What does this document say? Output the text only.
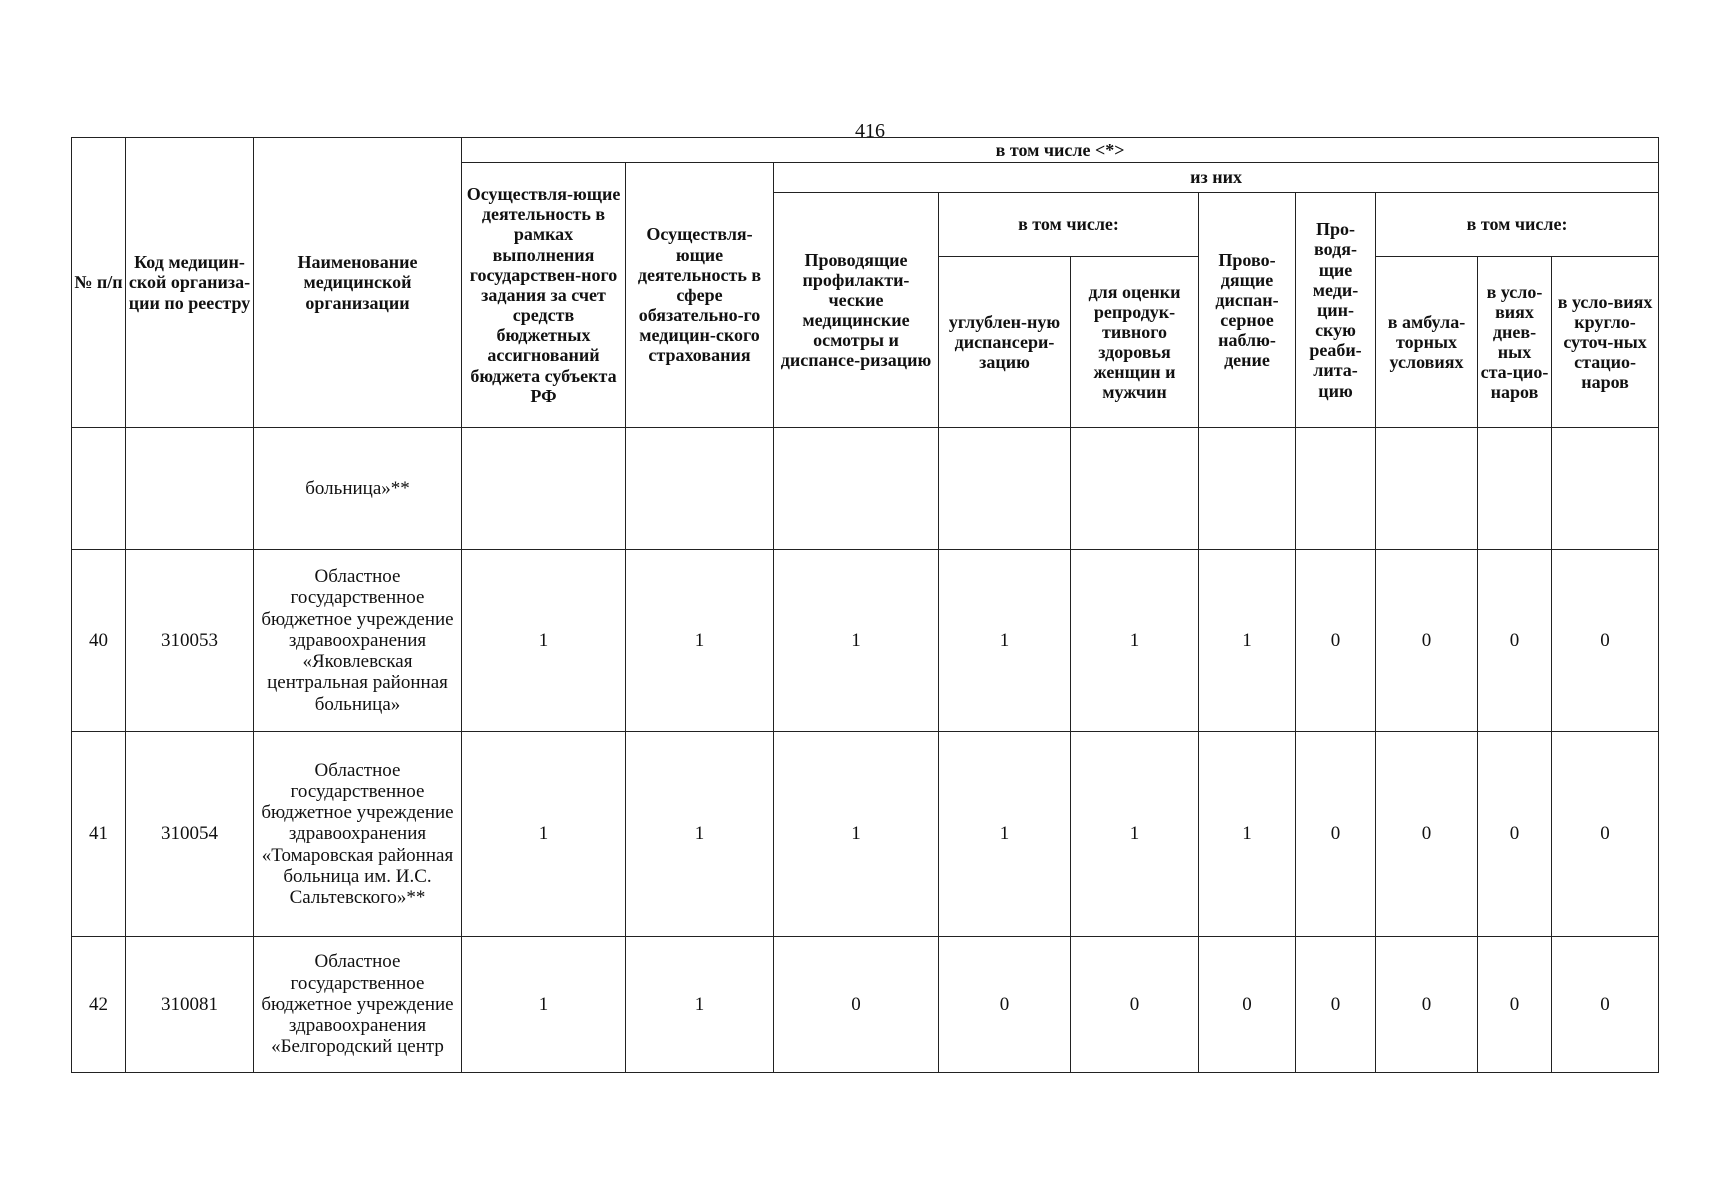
416
№ п/п	Код медицин-ской организа-ции по реестру	Наименование медицинской организации	в том числе <*>									
			Осуществля-ющие деятельность в рамках выполнения государствен-ного задания за счет средств бюджетных ассигнований бюджета субъекта РФ	Осуществля-ющие деятельность в сфере обязательно-го медицин-ского страхования	из них							
					Проводящие профилакти-ческие медицинские осмотры и диспансе-ризацию	в том числе:		Прово-дящие диспан-серное наблю-дение	Про-водя-щие меди-цин-скую реаби-лита-цию	в том числе:		
						углублен-ную диспансери-зацию	для оценки репродук-тивного здоровья женщин и мужчин			в амбула-торных условиях	в усло-виях днев-ных ста-цио-наров	в усло-виях кругло-суточ-ных стацио-наров
		больница»**										
40	310053	Областное государственное бюджетное учреждение здравоохранения «Яковлевская центральная районная больница»	1	1	1	1	1	1	0	0	0	0
41	310054	Областное государственное бюджетное учреждение здравоохранения «Томаровская районная больница им. И.С. Сальтевского»**	1	1	1	1	1	1	0	0	0	0
42	310081	Областное государственное бюджетное учреждение здравоохранения «Белгородский центр	1	1	0	0	0	0	0	0	0	0
